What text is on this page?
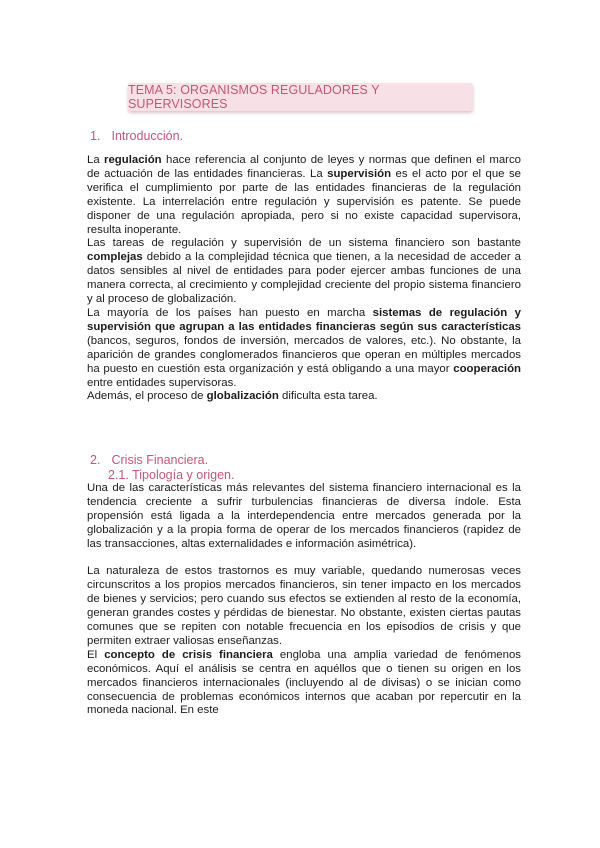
TEMA 5: ORGANISMOS REGULADORES Y SUPERVISORES
1. Introducción.

La regulación hace referencia al conjunto de leyes y normas que definen el marco de actuación de las entidades financieras. La supervisión es el acto por el que se verifica el cumplimiento por parte de las entidades financieras de la regulación existente. La interrelación entre regulación y supervisión es patente. Se puede disponer de una regulación apropiada, pero si no existe capacidad supervisora, resulta inoperante.

Las tareas de regulación y supervisión de un sistema financiero son bastante complejas debido a la complejidad técnica que tienen, a la necesidad de acceder a datos sensibles al nivel de entidades para poder ejercer ambas funciones de una manera correcta, al crecimiento y complejidad creciente del propio sistema financiero y al proceso de globalización.

La mayoría de los países han puesto en marcha sistemas de regulación y supervisión que agrupan a las entidades financieras según sus características (bancos, seguros, fondos de inversión, mercados de valores, etc.). No obstante, la aparición de grandes conglomerados financieros que operan en múltiples mercados ha puesto en cuestión esta organización y está obligando a una mayor cooperación entre entidades supervisoras.

Además, el proceso de globalización dificulta esta tarea.

2. Crisis Financiera.
2.1. Tipología y origen.

Una de las características más relevantes del sistema financiero internacional es la tendencia creciente a sufrir turbulencias financieras de diversa índole. Esta propensión está ligada a la interdependencia entre mercados generada por la globalización y a la propia forma de operar de los mercados financieros (rapidez de las transacciones, altas externalidades e información asimétrica).

La naturaleza de estos trastornos es muy variable, quedando numerosas veces circunscritos a los propios mercados financieros, sin tener impacto en los mercados de bienes y servicios; pero cuando sus efectos se extienden al resto de la economía, generan grandes costes y pérdidas de bienestar. No obstante, existen ciertas pautas comunes que se repiten con notable frecuencia en los episodios de crisis y que permiten extraer valiosas enseñanzas.

El concepto de crisis financiera engloba una amplia variedad de fenómenos económicos. Aquí el análisis se centra en aquéllos que o tienen su origen en los mercados financieros internacionales (incluyendo al de divisas) o se inician como consecuencia de problemas económicos internos que acaban por repercutir en la moneda nacional. En este
